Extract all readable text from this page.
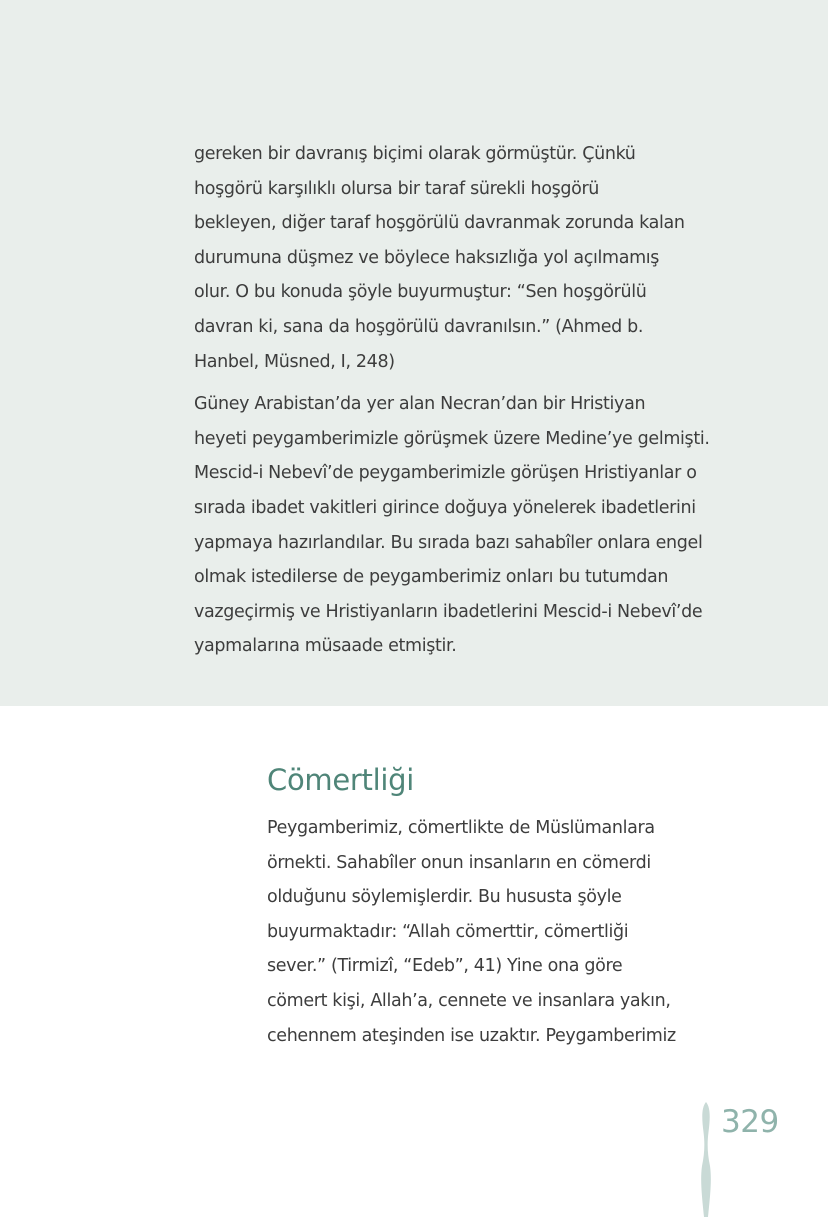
gereken bir davranış biçimi olarak görmüştür. Çünkü
hoşgörü karşılıklı olursa bir taraf sürekli hoşgörü
bekleyen, diğer taraf hoşgörülü davranmak zorunda kalan
durumuna düşmez ve böylece haksızlığa yol açılmamış
olur. O bu konuda şöyle buyurmuştur: “Sen hoşgörülü
davran ki, sana da hoşgörülü davranılsın.” (Ahmed b.
Hanbel, Müsned, I, 248)

Güney Arabistan’da yer alan Necran’dan bir Hristiyan
heyeti peygamberimizle görüşmek üzere Medine’ye gelmişti.
Mescid-i Nebevî’de peygamberimizle görüşen Hristiyanlar o
sırada ibadet vakitleri girince doğuya yönelerek ibadetlerini
yapmaya hazırlandılar. Bu sırada bazı sahabîler onlara engel
olmak istedilerse de peygamberimiz onları bu tutumdan
vazgeçirmiş ve Hristiyanların ibadetlerini Mescid-i Nebevî’de
yapmalarına müsaade etmiştir.

Cömertliği

Peygamberimiz, cömertlikte de Müslümanlara
örnekti. Sahabîler onun insanların en cömerdi
olduğunu söylemişlerdir. Bu hususta şöyle
buyurmaktadır: “Allah cömerttir, cömertliği
sever.” (Tirmizî, “Edeb”, 41) Yine ona göre
cömert kişi, Allah’a, cennete ve insanlara yakın,
cehennem ateşinden ise uzaktır. Peygamberimiz

329
